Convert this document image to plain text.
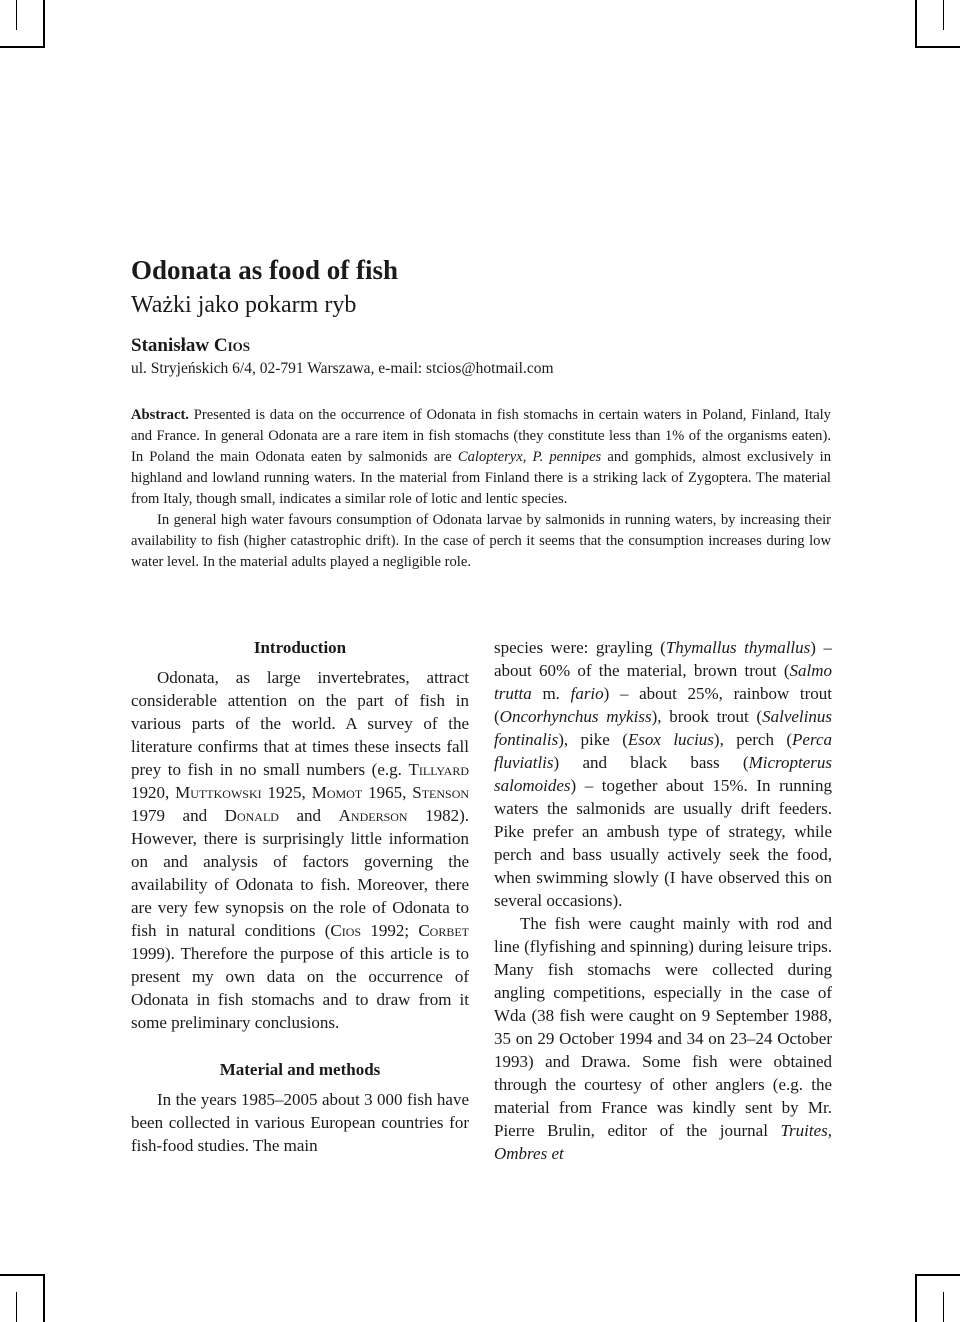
Odonata as food of fish
Ważki jako pokarm ryb
Stanisław Cios
ul. Stryjeńskich 6/4, 02-791 Warszawa, e-mail: stcios@hotmail.com

Abstract. Presented is data on the occurrence of Odonata in fish stomachs in certain waters in Poland, Finland, Italy and France. In general Odonata are a rare item in fish stomachs (they constitute less than 1% of the organisms eaten). In Poland the main Odonata eaten by salmonids are Calopteryx, P. pennipes and gomphids, almost exclusively in highland and lowland running waters. In the material from Finland there is a striking lack of Zygoptera. The material from Italy, though small, indicates a similar role of lotic and lentic species.

In general high water favours consumption of Odonata larvae by salmonids in running waters, by increasing their availability to fish (higher catastrophic drift). In the case of perch it seems that the consumption increases during low water level. In the material adults played a negligible role.

Introduction

Odonata, as large invertebrates, attract considerable attention on the part of fish in various parts of the world. A survey of the literature confirms that at times these insects fall prey to fish in no small numbers (e.g. Tillyard 1920, Muttkowski 1925, Momot 1965, Stenson 1979 and Donald and Anderson 1982). However, there is surprisingly little information on and analysis of factors governing the availability of Odonata to fish. Moreover, there are very few synopsis on the role of Odonata to fish in natural conditions (Cios 1992; Corbet 1999). Therefore the purpose of this article is to present my own data on the occurrence of Odonata in fish stomachs and to draw from it some preliminary conclusions.

Material and methods

In the years 1985–2005 about 3 000 fish have been collected in various European countries for fish-food studies. The main

species were: grayling (Thymallus thymallus) – about 60% of the material, brown trout (Salmo trutta m. fario) – about 25%, rainbow trout (Oncorhynchus mykiss), brook trout (Salvelinus fontinalis), pike (Esox lucius), perch (Perca fluviatlis) and black bass (Micropterus salomoides) – together about 15%. In running waters the salmonids are usually drift feeders. Pike prefer an ambush type of strategy, while perch and bass usually actively seek the food, when swimming slowly (I have observed this on several occasions).

The fish were caught mainly with rod and line (flyfishing and spinning) during leisure trips. Many fish stomachs were collected during angling competitions, especially in the case of Wda (38 fish were caught on 9 September 1988, 35 on 29 October 1994 and 34 on 23–24 October 1993) and Drawa. Some fish were obtained through the courtesy of other anglers (e.g. the material from France was kindly sent by Mr. Pierre Brulin, editor of the journal Truites, Ombres et
